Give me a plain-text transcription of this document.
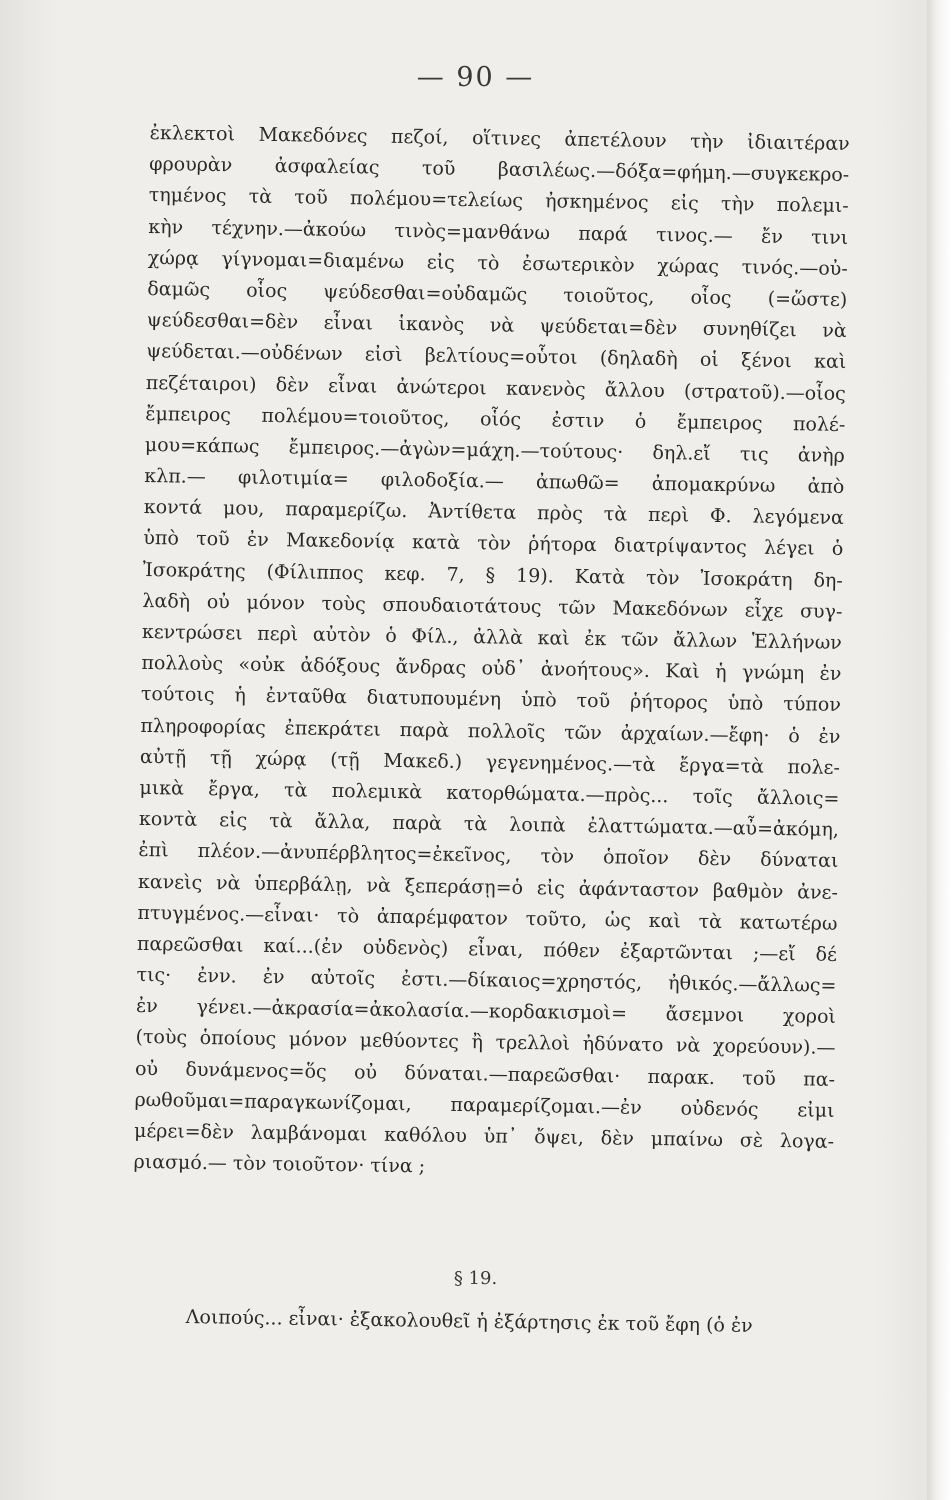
— 90 —
ἐκλεκτοὶ Μακεδόνες πεζοί, οἵτινες ἀπετέλουν τὴν ἰδιαιτέραν
φρουρὰν ἀσφαλείας τοῦ βασιλέως.—δόξα=φήμη.—συγκεκρο-
τημένος τὰ τοῦ πολέμου=τελείως ἠσκημένος εἰς τὴν πολεμι-
κὴν τέχνην.—ἀκούω τινὸς=μανθάνω παρά τινος.— ἔν τινι
χώρᾳ γίγνομαι=διαμένω εἰς τὸ ἐσωτερικὸν χώρας τινός.—οὐ-
δαμῶς οἷος ψεύδεσθαι=οὐδαμῶς τοιοῦτος, οἷος (=ὥστε)
ψεύδεσθαι=δὲν εἶναι ἱκανὸς νὰ ψεύδεται=δὲν συνηθίζει νὰ
ψεύδεται.—οὐδένων εἰσὶ βελτίους=οὗτοι (δηλαδὴ οἱ ξένοι καὶ
πεζέταιροι) δὲν εἶναι ἀνώτεροι κανενὸς ἄλλου (στρατοῦ).—οἷος
ἔμπειρος πολέμου=τοιοῦτος, οἷός ἐστιν ὁ ἔμπειρος πολέ-
μου=κάπως ἔμπειρος.—ἀγὼν=μάχη.—τούτους· δηλ.εἴ τις ἀνὴρ
κλπ.— φιλοτιμία= φιλοδοξία.— ἀπωθῶ= ἀπομακρύνω ἀπὸ
κοντά μου, παραμερίζω. Ἀντίθετα πρὸς τὰ περὶ Φ. λεγόμενα
ὑπὸ τοῦ ἐν Μακεδονίᾳ κατὰ τὸν ῥήτορα διατρίψαντος λέγει ὁ
Ἰσοκράτης (Φίλιππος κεφ. 7, § 19). Κατὰ τὸν Ἰσοκράτη δη-
λαδὴ οὐ μόνον τοὺς σπουδαιοτάτους τῶν Μακεδόνων εἶχε συγ-
κεντρώσει περὶ αὐτὸν ὁ Φίλ., ἀλλὰ καὶ ἐκ τῶν ἄλλων Ἑλλήνων
πολλοὺς «οὐκ ἀδόξους ἄνδρας οὐδ᾽ ἀνοήτους». Καὶ ἡ γνώμη ἐν
τούτοις ἡ ἐνταῦθα διατυπουμένη ὑπὸ τοῦ ῥήτορος ὑπὸ τύπον
πληροφορίας ἐπεκράτει παρὰ πολλοῖς τῶν ἀρχαίων.—ἔφη· ὁ ἐν
αὐτῇ τῇ χώρᾳ (τῇ Μακεδ.) γεγενημένος.—τὰ ἔργα=τὰ πολε-
μικὰ ἔργα, τὰ πολεμικὰ κατορθώματα.—πρὸς... τοῖς ἄλλοις=
κοντὰ εἰς τὰ ἄλλα, παρὰ τὰ λοιπὰ ἐλαττώματα.—αὖ=ἀκόμη,
ἐπὶ πλέον.—ἀνυπέρβλητος=ἐκεῖνος, τὸν ὁποῖον δὲν δύναται
κανεὶς νὰ ὑπερβάλῃ, νὰ ξεπεράσῃ=ὁ εἰς ἀφάνταστον βαθμὸν ἀνε-
πτυγμένος.—εἶναι· τὸ ἀπαρέμφατον τοῦτο, ὡς καὶ τὰ κατωτέρω
παρεῶσθαι καί...(ἐν οὐδενὸς) εἶναι, πόθεν ἐξαρτῶνται ;—εἴ δέ
τις· ἐνν. ἐν αὐτοῖς ἐστι.—δίκαιος=χρηστός, ἠθικός.—ἄλλως=
ἐν γένει.—ἀκρασία=ἀκολασία.—κορδακισμοὶ= ἄσεμνοι χοροὶ
(τοὺς ὁποίους μόνον μεθύοντες ἢ τρελλοὶ ἠδύνατο νὰ χορεύουν).—
οὐ δυνάμενος=ὅς οὐ δύναται.—παρεῶσθαι· παρακ. τοῦ πα-
ρωθοῦμαι=παραγκωνίζομαι, παραμερίζομαι.—ἐν οὐδενός εἰμι
μέρει=δὲν λαμβάνομαι καθόλου ὑπ᾽ ὄψει, δὲν μπαίνω σὲ λογα-
ριασμό.— τὸν τοιοῦτον· τίνα ;
§ 19.
Λοιπούς... εἶναι· ἐξακολουθεῖ ἡ ἐξάρτησις ἐκ τοῦ ἔφη (ὁ ἐν
